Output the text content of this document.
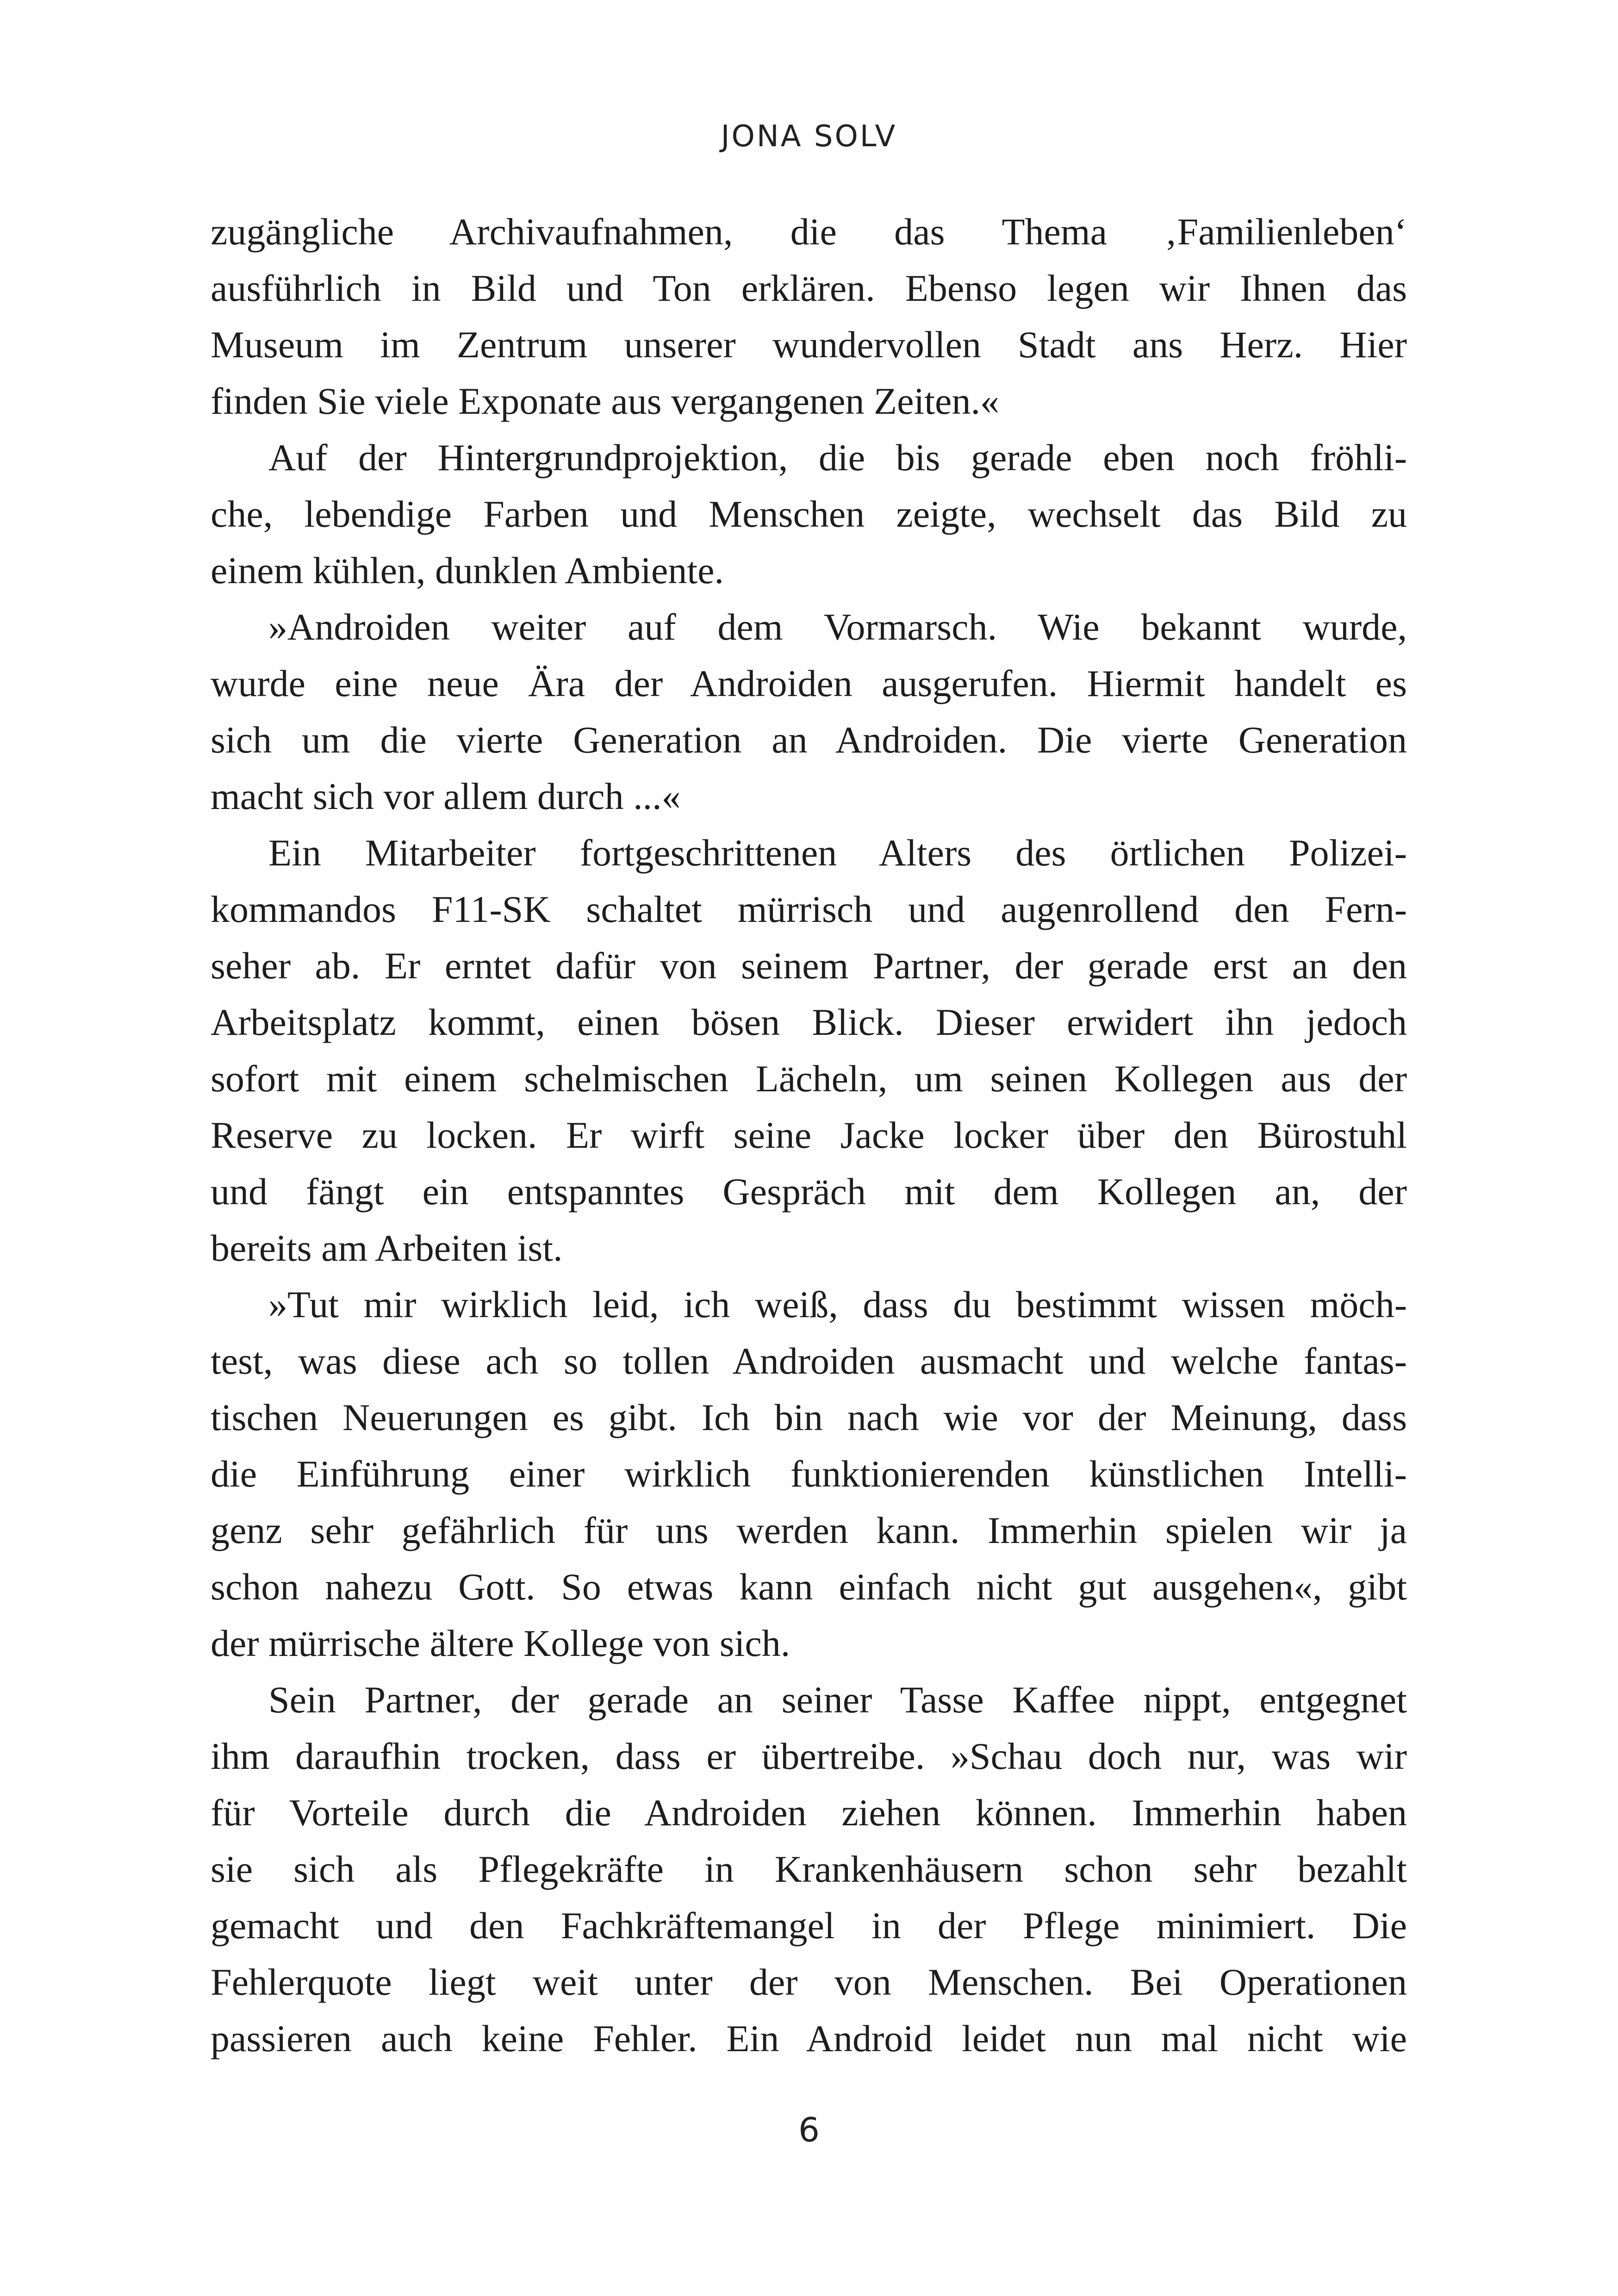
JONA SOLV
zugängliche Archivaufnahmen, die das Thema ‚Familienleben‘
ausführlich in Bild und Ton erklären. Ebenso legen wir Ihnen das
Museum im Zentrum unserer wundervollen Stadt ans Herz. Hier
finden Sie viele Exponate aus vergangenen Zeiten.«
Auf der Hintergrundprojektion, die bis gerade eben noch fröhli-
che, lebendige Farben und Menschen zeigte, wechselt das Bild zu
einem kühlen, dunklen Ambiente.
»Androiden weiter auf dem Vormarsch. Wie bekannt wurde,
wurde eine neue Ära der Androiden ausgerufen. Hiermit handelt es
sich um die vierte Generation an Androiden. Die vierte Generation
macht sich vor allem durch ...«
Ein Mitarbeiter fortgeschrittenen Alters des örtlichen Polizei-
kommandos F11-SK schaltet mürrisch und augenrollend den Fern-
seher ab. Er erntet dafür von seinem Partner, der gerade erst an den
Arbeitsplatz kommt, einen bösen Blick. Dieser erwidert ihn jedoch
sofort mit einem schelmischen Lächeln, um seinen Kollegen aus der
Reserve zu locken. Er wirft seine Jacke locker über den Bürostuhl
und fängt ein entspanntes Gespräch mit dem Kollegen an, der
bereits am Arbeiten ist.
»Tut mir wirklich leid, ich weiß, dass du bestimmt wissen möch-
test, was diese ach so tollen Androiden ausmacht und welche fantas-
tischen Neuerungen es gibt. Ich bin nach wie vor der Meinung, dass
die Einführung einer wirklich funktionierenden künstlichen Intelli-
genz sehr gefährlich für uns werden kann. Immerhin spielen wir ja
schon nahezu Gott. So etwas kann einfach nicht gut ausgehen«, gibt
der mürrische ältere Kollege von sich.
Sein Partner, der gerade an seiner Tasse Kaffee nippt, entgegnet
ihm daraufhin trocken, dass er übertreibe. »Schau doch nur, was wir
für Vorteile durch die Androiden ziehen können. Immerhin haben
sie sich als Pflegekräfte in Krankenhäusern schon sehr bezahlt
gemacht und den Fachkräftemangel in der Pflege minimiert. Die
Fehlerquote liegt weit unter der von Menschen. Bei Operationen
passieren auch keine Fehler. Ein Android leidet nun mal nicht wie
6
